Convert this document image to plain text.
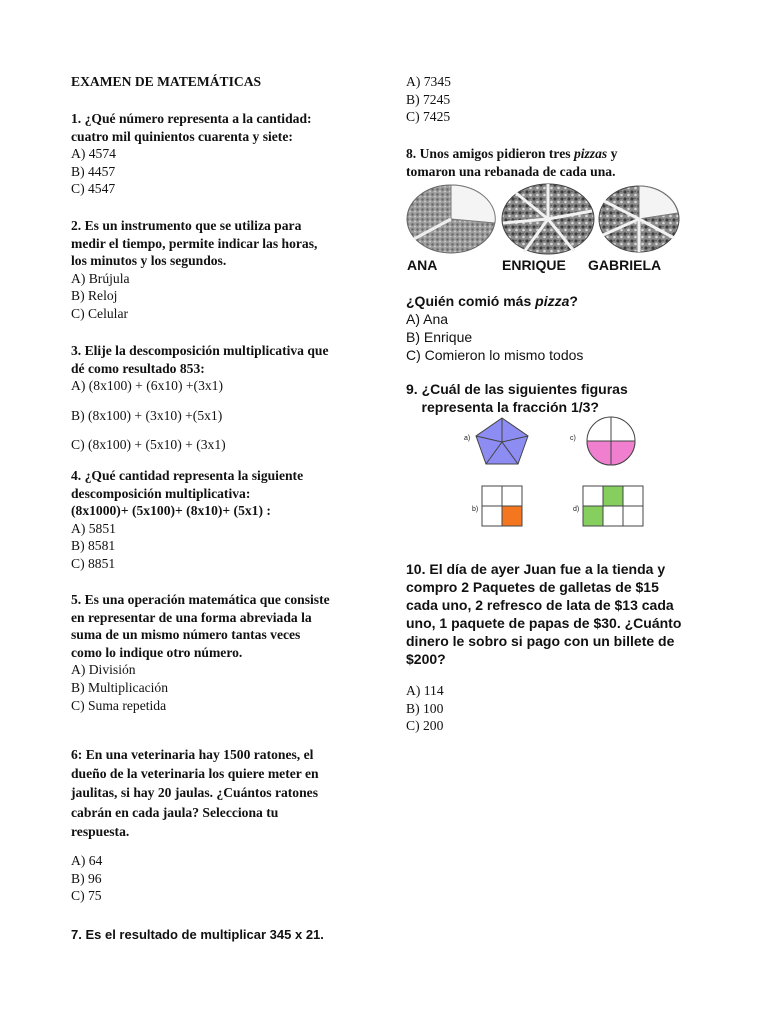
EXAMEN DE MATEMÁTICAS
1. ¿Qué número representa a la cantidad:
cuatro mil quinientos cuarenta y siete:
A) 4574
B) 4457
C) 4547
2. Es un instrumento que se utiliza para
medir el tiempo, permite indicar las horas,
los minutos y los segundos.
A) Brújula
B) Reloj
C) Celular
3. Elije la descomposición multiplicativa que
dé como resultado 853:
A) (8x100) + (6x10) +(3x1)
B) (8x100) + (3x10) +(5x1)
C) (8x100) + (5x10) + (3x1)
4. ¿Qué cantidad representa la siguiente
descomposición multiplicativa:
(8x1000)+ (5x100)+ (8x10)+ (5x1) :
A) 5851
B) 8581
C) 8851
5. Es una operación matemática que consiste
en representar de una forma abreviada la
suma de un mismo número tantas veces
como lo indique otro número.
A) División
B) Multiplicación
C) Suma repetida
6: En una veterinaria hay 1500 ratones, el
dueño de la veterinaria los quiere meter en
jaulitas, si hay 20 jaulas. ¿Cuántos ratones
cabrán en cada jaula? Selecciona tu
respuesta.
A) 64
B) 96
C) 75
7. Es el resultado de multiplicar 345 x 21.
A) 7345
B) 7245
C) 7425
8. Unos amigos pidieron tres pizzas y
tomaron una rebanada de cada una.
ANA	ENRIQUE GABRIELA
¿Quién comió más pizza?
A) Ana
B) Enrique
C) Comieron lo mismo todos
9. ¿Cuál de las siguientes figuras
representa la fracción 1/3?
a)	c)
b)	d)
10. El día de ayer Juan fue a la tienda y
compro 2 Paquetes de galletas de $15
cada uno, 2 refresco de lata de $13 cada
uno, 1 paquete de papas de $30. ¿Cuánto
dinero le sobro si pago con un billete de
$200?
A) 114
B) 100
C) 200
